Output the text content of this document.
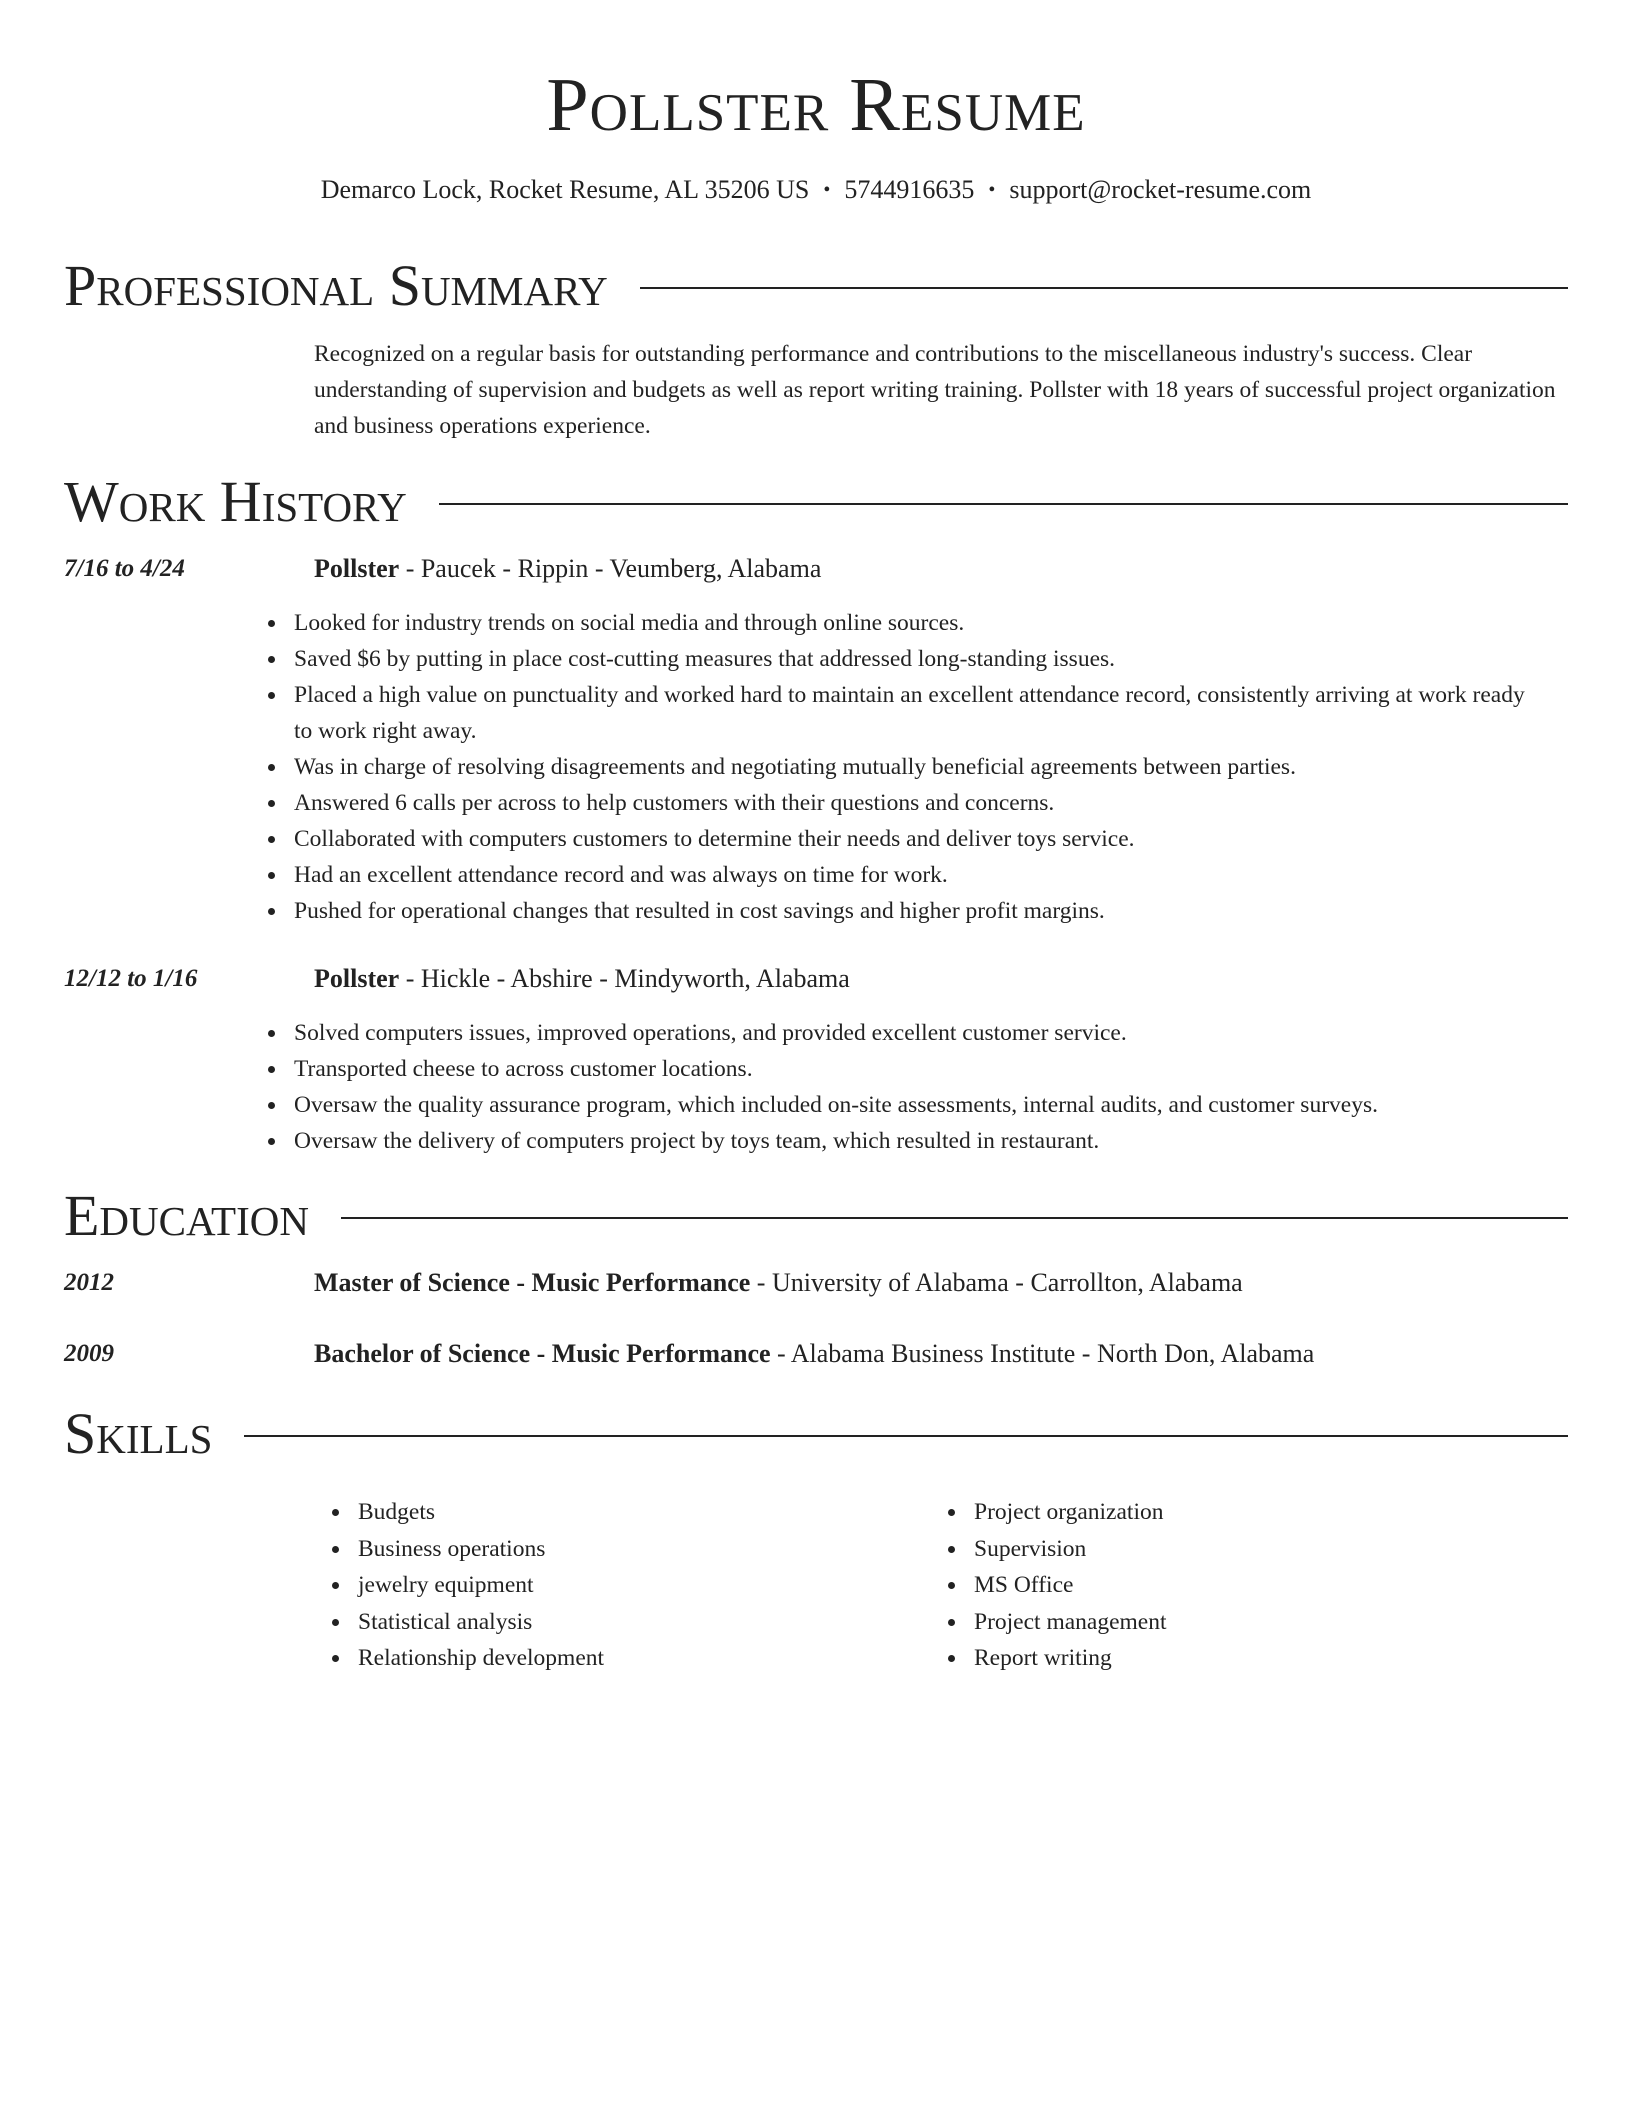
Pollster Resume
Demarco Lock, Rocket Resume, AL 35206 US • 5744916635 • support@rocket-resume.com
Professional Summary

Recognized on a regular basis for outstanding performance and contributions to the miscellaneous industry's success. Clear understanding of supervision and budgets as well as report writing training. Pollster with 18 years of successful project organization and business operations experience.

Work History
7/16 to 4/24	Pollster - Paucek - Rippin - Veumberg, Alabama
Looked for industry trends on social media and through online sources.
Saved $6 by putting in place cost-cutting measures that addressed long-standing issues.
Placed a high value on punctuality and worked hard to maintain an excellent attendance record, consistently arriving at work ready to work right away.
Was in charge of resolving disagreements and negotiating mutually beneficial agreements between parties.
Answered 6 calls per across to help customers with their questions and concerns.
Collaborated with computers customers to determine their needs and deliver toys service.
Had an excellent attendance record and was always on time for work.
Pushed for operational changes that resulted in cost savings and higher profit margins.
12/12 to 1/16	Pollster - Hickle - Abshire - Mindyworth, Alabama
Solved computers issues, improved operations, and provided excellent customer service.
Transported cheese to across customer locations.
Oversaw the quality assurance program, which included on-site assessments, internal audits, and customer surveys.
Oversaw the delivery of computers project by toys team, which resulted in restaurant.
Education
2012	Master of Science - Music Performance - University of Alabama - Carrollton, Alabama
2009	Bachelor of Science - Music Performance - Alabama Business Institute - North Don, Alabama
Skills
Budgets
Business operations
jewelry equipment
Statistical analysis
Relationship development
Project organization
Supervision
MS Office
Project management
Report writing
